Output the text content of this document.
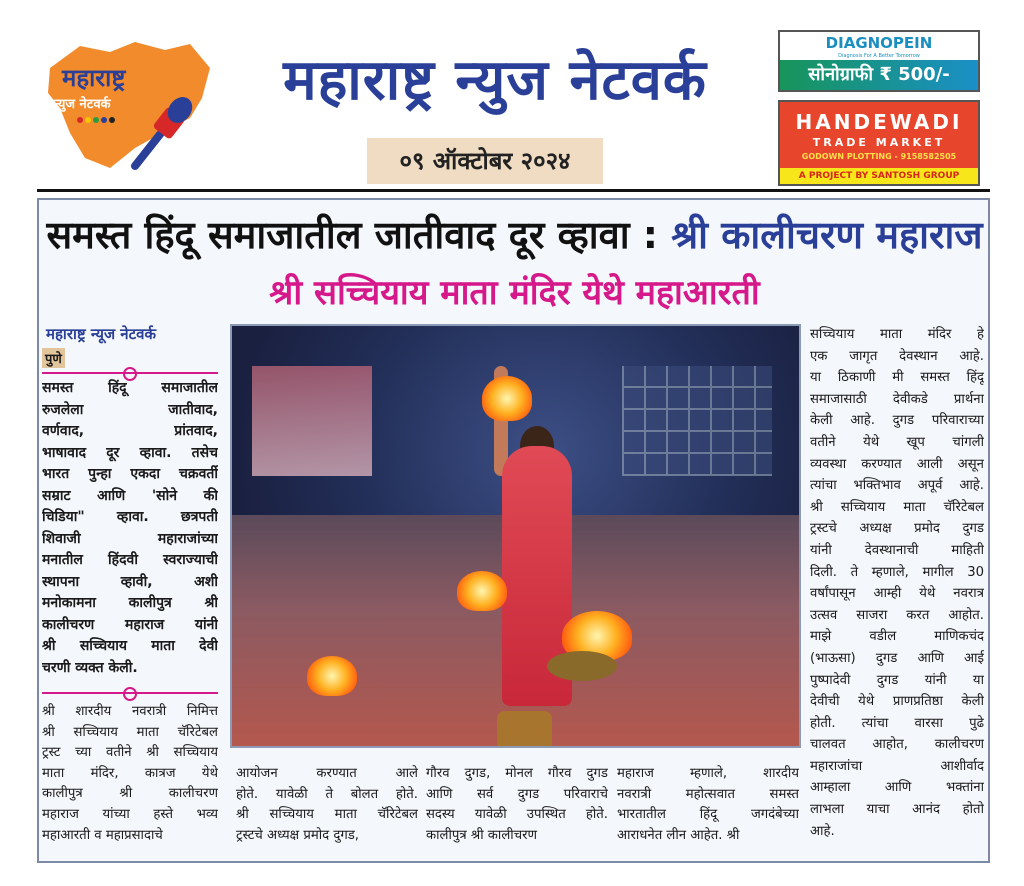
महाराष्ट्र
न्युज नेटवर्क	महाराष्ट्र न्युज नेटवर्क
०९ ऑक्टोबर २०२४
DIAGNOPEIN
Diagnosis For A Better Tomorrow
सोनोग्राफी ₹ 500/-
HANDEWADI
TRADE MARKET
GODOWN PLOTTING - 9158582505
A PROJECT BY SANTOSH GROUP
समस्त हिंदू समाजातील जातीवाद दूर व्हावा : श्री कालीचरण महाराज
श्री सच्चियाय माता मंदिर येथे महाआरती
महाराष्ट्र न्यूज नेटवर्क
पुणे
समस्त हिंदू समाजातील
रुजलेला जातीवाद,
वर्णवाद, प्रांतवाद,
भाषावाद दूर व्हावा. तसेच
भारत पुन्हा एकदा चक्रवर्ती
सम्राट आणि 'सोने की
चिडिया" व्हावा. छत्रपती
शिवाजी महाराजांच्या
मनातील हिंदवी स्वराज्याची
स्थापना व्हावी, अशी
मनोकामना कालीपुत्र श्री
कालीचरण महाराज यांनी
श्री सच्चियाय माता देवी
चरणी व्यक्त केली.
श्री शारदीय नवरात्री निमित्त
श्री सच्चियाय माता चॅरिटेबल
ट्रस्ट च्या वतीने श्री सच्चियाय
माता मंदिर, कात्रज येथे
कालीपुत्र श्री कालीचरण
महाराज यांच्या हस्ते भव्य
महाआरती व महाप्रसादाचे
आयोजन करण्यात आले
होते. यावेळी ते बोलत होते.
श्री सच्चियाय माता चॅरिटेबल
ट्रस्टचे अध्यक्ष प्रमोद दुगड,
गौरव दुगड, मोनल गौरव दुगड
आणि सर्व दुगड परिवाराचे
सदस्य यावेळी उपस्थित होते.
कालीपुत्र श्री कालीचरण
महाराज म्हणाले, शारदीय
नवरात्री महोत्सवात समस्त
भारतातील हिंदू जगदंबेच्या
आराधनेत लीन आहेत. श्री
सच्चियाय माता मंदिर हे
एक जागृत देवस्थान आहे.
या ठिकाणी मी समस्त हिंदू
समाजासाठी देवीकडे प्रार्थना
केली आहे. दुगड परिवाराच्या
वतीने येथे खूप चांगली
व्यवस्था करण्यात आली असून
त्यांचा भक्तिभाव अपूर्व आहे.
श्री सच्चियाय माता चॅरिटेबल
ट्रस्टचे अध्यक्ष प्रमोद दुगड
यांनी देवस्थानाची माहिती
दिली. ते म्हणाले, मागील 30
वर्षांपासून आम्ही येथे नवरात्र
उत्सव साजरा करत आहोत.
माझे वडील माणिकचंद
(भाऊसा) दुगड आणि आई
पुष्पादेवी दुगड यांनी या
देवीची येथे प्राणप्रतिष्ठा केली
होती. त्यांचा वारसा पुढे
चालवत आहोत, कालीचरण
महाराजांचा आशीर्वाद
आम्हाला आणि भक्तांना
लाभला याचा आनंद होतो
आहे.
